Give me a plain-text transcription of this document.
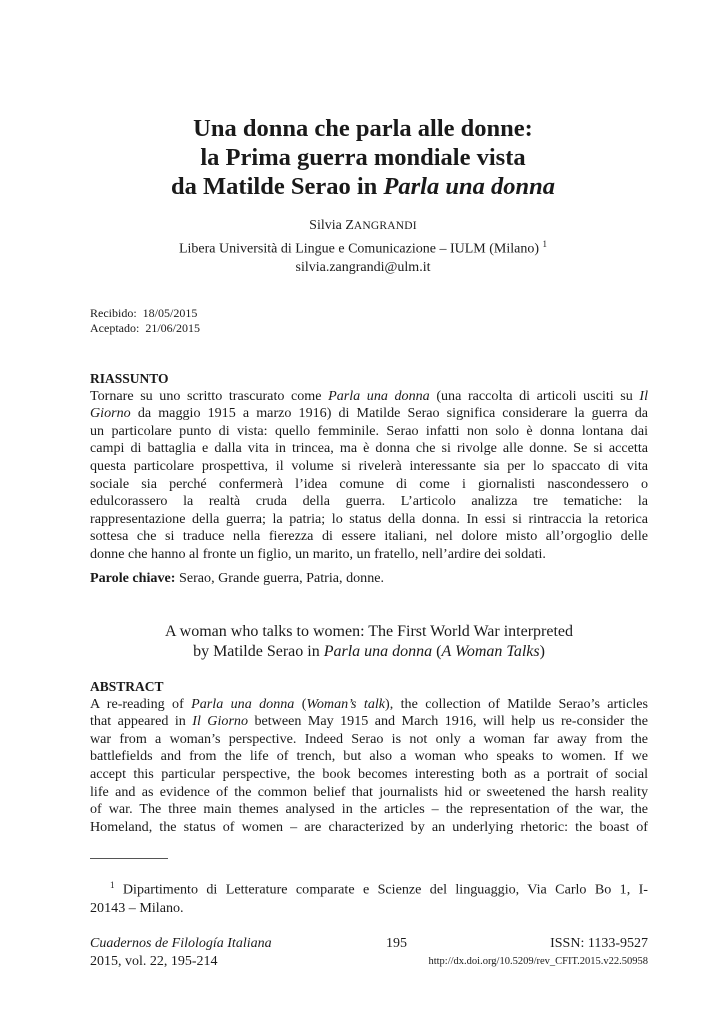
Una donna che parla alle donne:
la Prima guerra mondiale vista
da Matilde Serao in Parla una donna
Silvia ZANGRANDI
Libera Università di Lingue e Comunicazione – IULM (Milano) $^1$
silvia.zangrandi@ulm.it
Recibido: 18/05/2015
Aceptado: 21/06/2015
RIASSUNTO
Tornare su uno scritto trascurato come Parla una donna (una raccolta di articoli usciti su Il
Giorno da maggio 1915 a marzo 1916) di Matilde Serao significa considerare la guerra da
un particolare punto di vista: quello femminile. Serao infatti non solo è donna lontana dai
campi di battaglia e dalla vita in trincea, ma è donna che si rivolge alle donne. Se si accetta
questa particolare prospettiva, il volume si rivelerà interessante sia per lo spaccato di vita
sociale sia perché confermerà l’idea comune di come i giornalisti nascondessero o
edulcorassero la realtà cruda della guerra. L’articolo analizza tre tematiche: la
rappresentazione della guerra; la patria; lo status della donna. In essi si rintraccia la retorica
sottesa che si traduce nella fierezza di essere italiani, nel dolore misto all’orgoglio delle
donne che hanno al fronte un figlio, un marito, un fratello, nell’ardire dei soldati.
Parole chiave: Serao, Grande guerra, Patria, donne.
A woman who talks to women: The First World War interpreted
by Matilde Serao in Parla una donna (A Woman Talks)
ABSTRACT
A re-reading of Parla una donna (Woman’s talk), the collection of Matilde Serao’s articles
that appeared in Il Giorno between May 1915 and March 1916, will help us re-consider the
war from a woman’s perspective. Indeed Serao is not only a woman far away from the
battlefields and from the life of trench, but also a woman who speaks to women. If we
accept this particular perspective, the book becomes interesting both as a portrait of social
life and as evidence of the common belief that journalists hid or sweetened the harsh reality
of war. The three main themes analysed in the articles – the representation of the war, the
Homeland, the status of women – are characterized by an underlying rhetoric: the boast of
$^1$ Dipartimento di Letterature comparate e Scienze del linguaggio, Via Carlo Bo 1, I-
20143 – Milano.
Cuadernos de Filología Italiana	195	ISSN: 1133-9527
2015, vol. 22, 195-214	http://dx.doi.org/10.5209/rev_CFIT.2015.v22.50958
